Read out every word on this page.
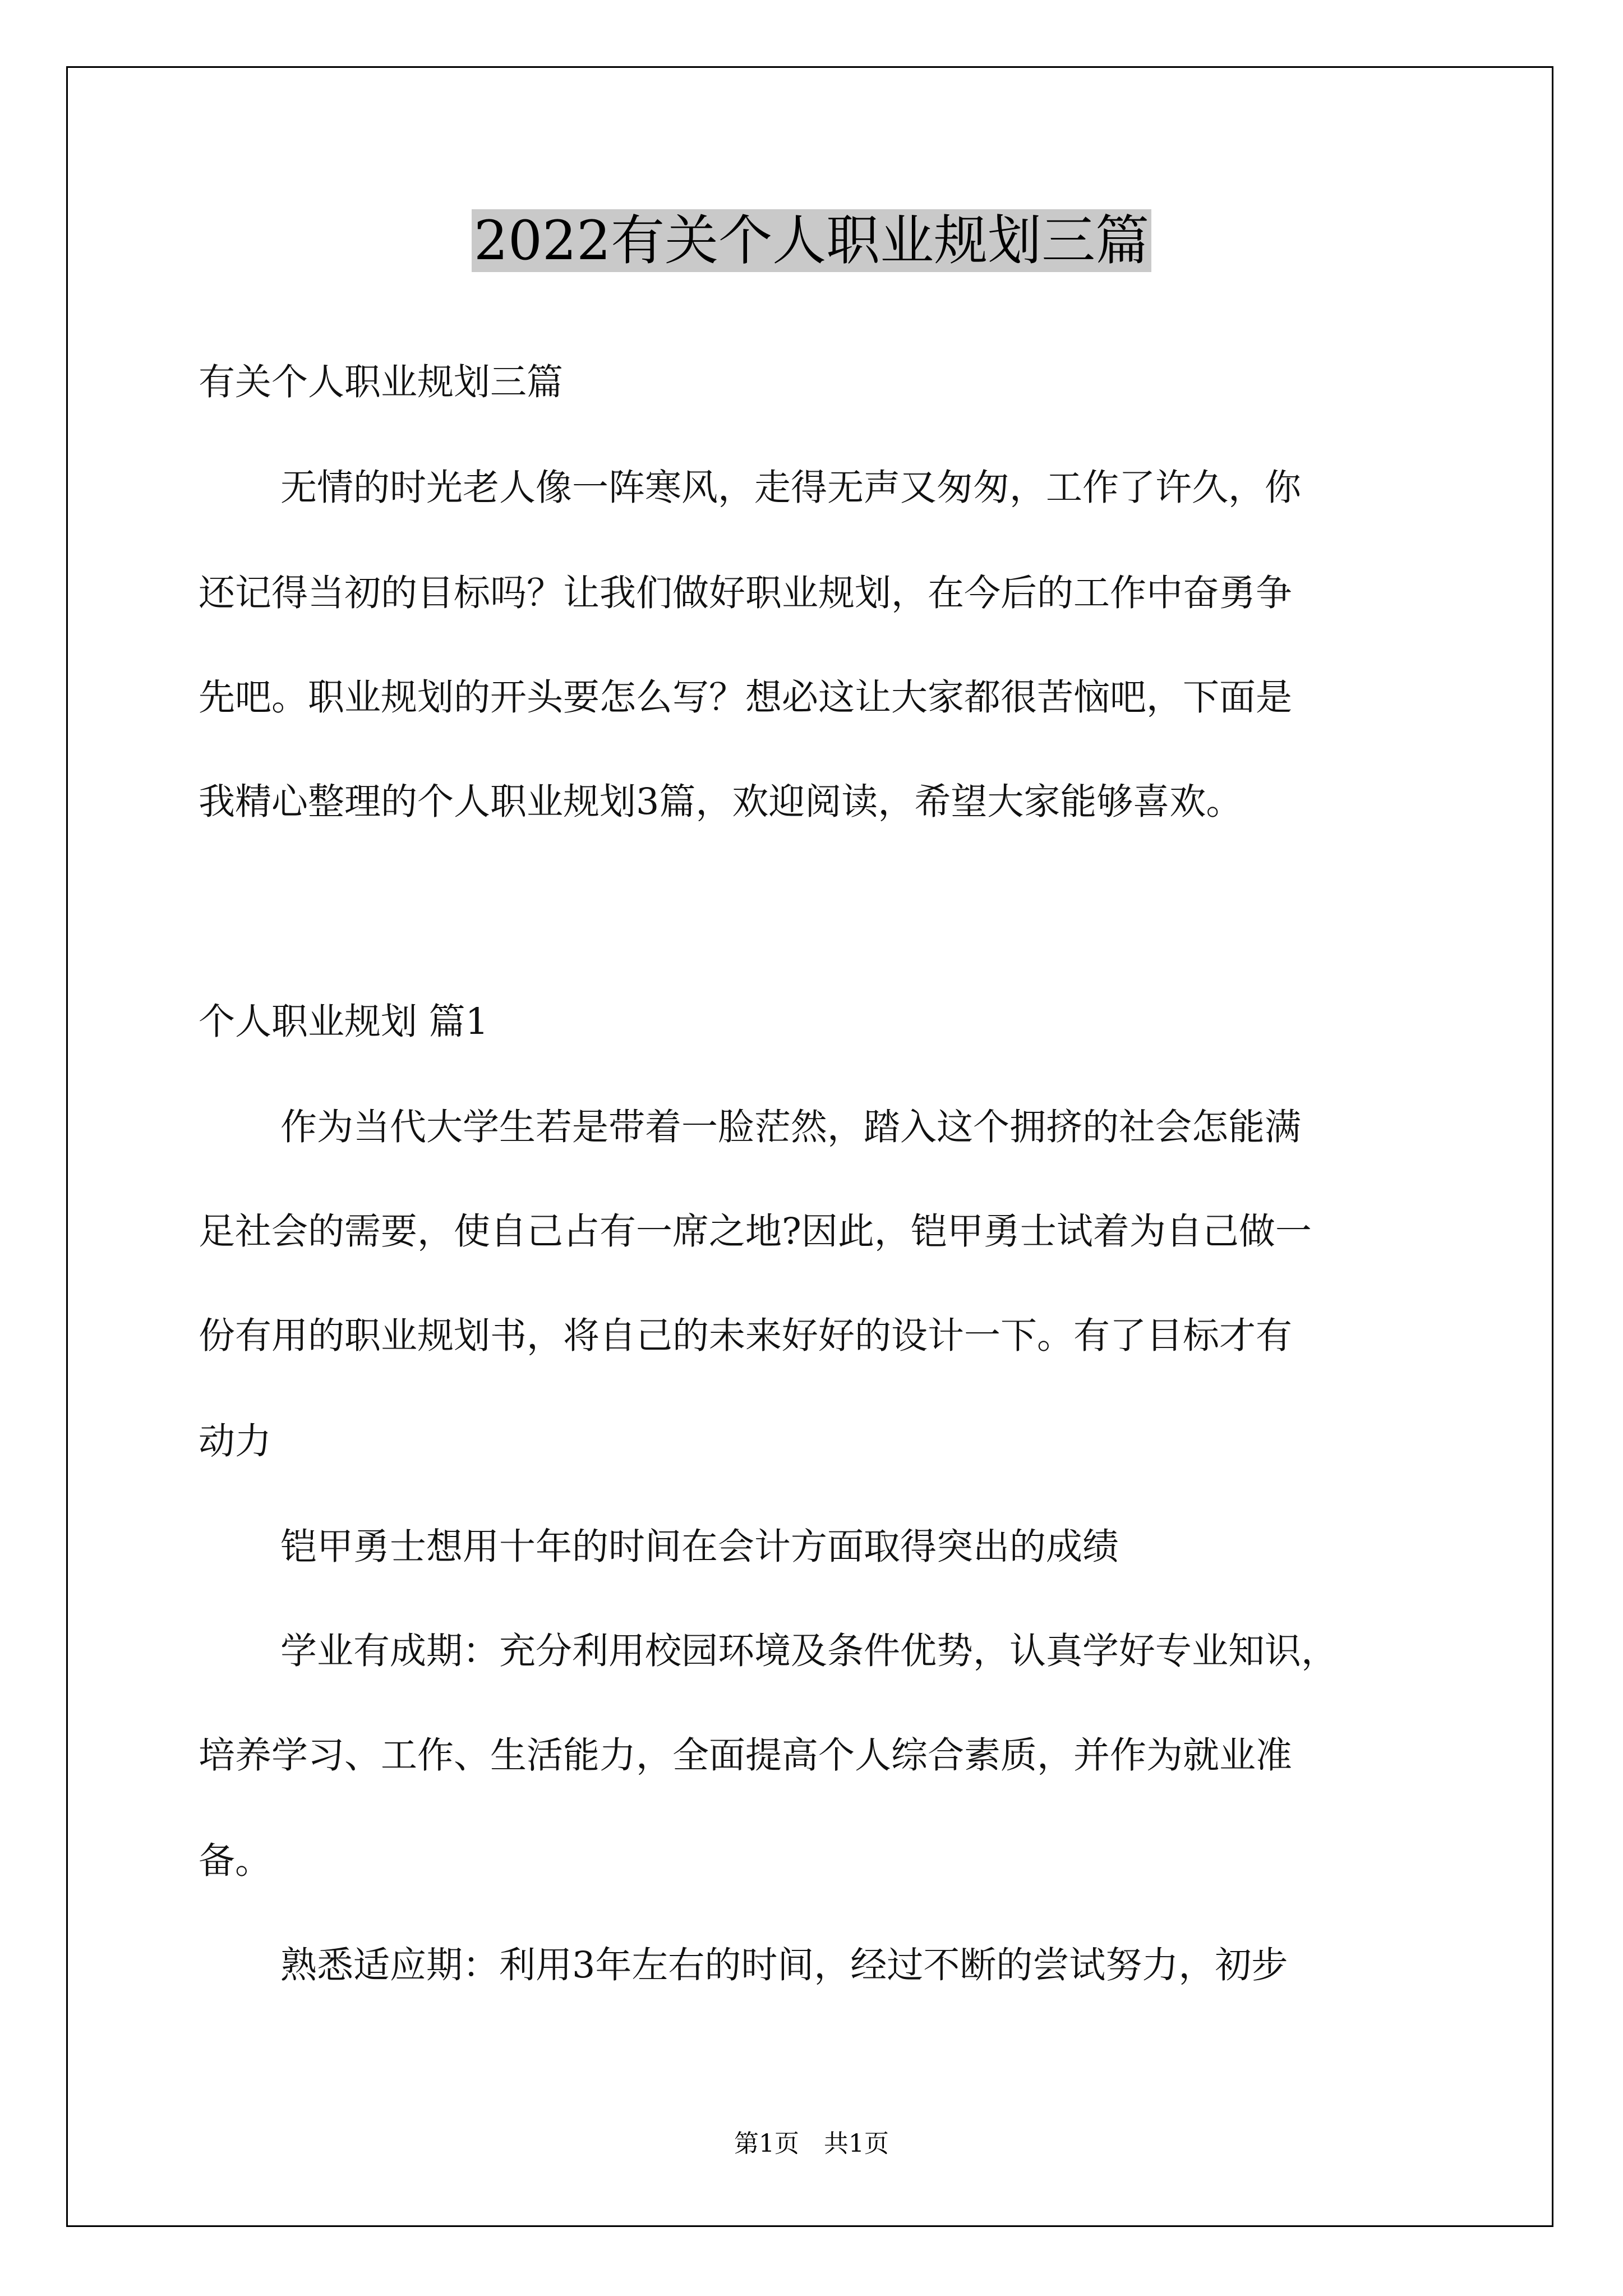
2022有关个人职业规划三篇
有关个人职业规划三篇
无情的时光老人像一阵寒风，走得无声又匆匆，工作了许久，你
还记得当初的目标吗？让我们做好职业规划，在今后的工作中奋勇争
先吧。职业规划的开头要怎么写？想必这让大家都很苦恼吧，下面是
我精心整理的个人职业规划3篇，欢迎阅读，希望大家能够喜欢。
个人职业规划 篇1
作为当代大学生若是带着一脸茫然，踏入这个拥挤的社会怎能满
足社会的需要，使自己占有一席之地?因此，铠甲勇士试着为自己做一
份有用的职业规划书，将自己的未来好好的设计一下。有了目标才有
动力
铠甲勇士想用十年的时间在会计方面取得突出的成绩
学业有成期：充分利用校园环境及条件优势，认真学好专业知识，
培养学习、工作、生活能力，全面提高个人综合素质，并作为就业准
备。
熟悉适应期：利用3年左右的时间，经过不断的尝试努力，初步
第1页　共1页
